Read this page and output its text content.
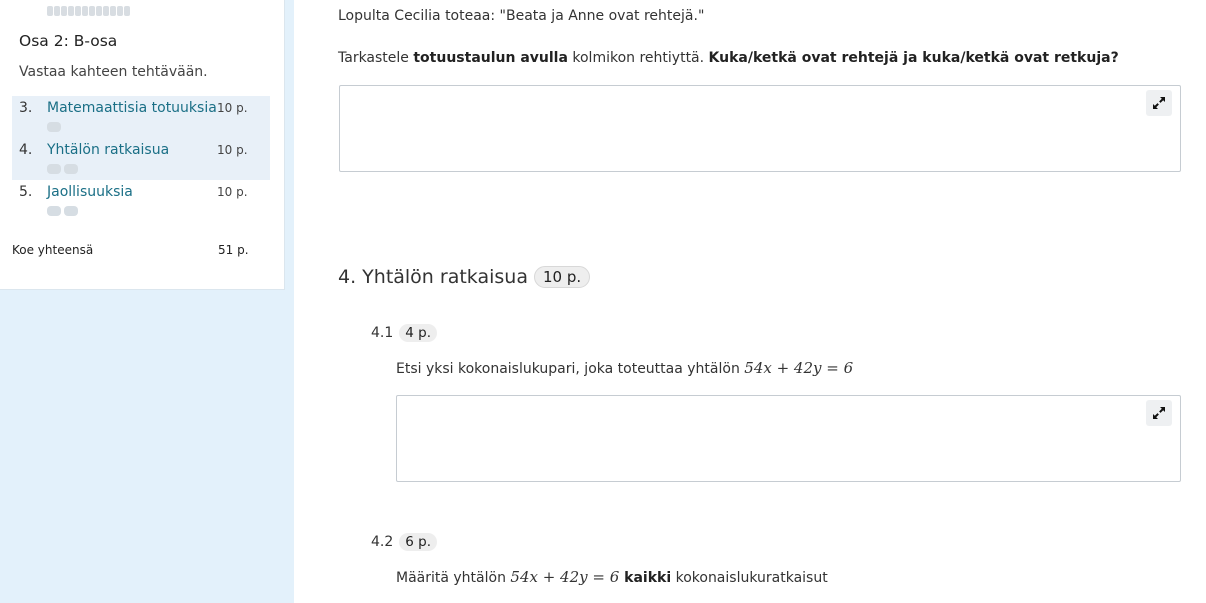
Osa 2: B-osa
Vastaa kahteen tehtävään.
3. Matemaattisia totuuksia 10 p.
4. Yhtälön ratkaisua	10 p.
5. Jaollisuuksia	10 p.
Koe yhteensä	51 p.
Lopulta Cecilia toteaa: "Beata ja Anne ovat rehtejä."
Tarkastele totuustaulun avulla kolmikon rehtiyttä. Kuka/ketkä ovat rehtejä ja kuka/ketkä ovat retkuja?
4. Yhtälön ratkaisua	10 p.
4.1 4 p.
Etsi yksi kokonaislukupari, joka toteuttaa yhtälön 54x + 42y = 6
4.2 6 p.
Määritä yhtälön 54x + 42y = 6 kaikki kokonaislukuratkaisut
